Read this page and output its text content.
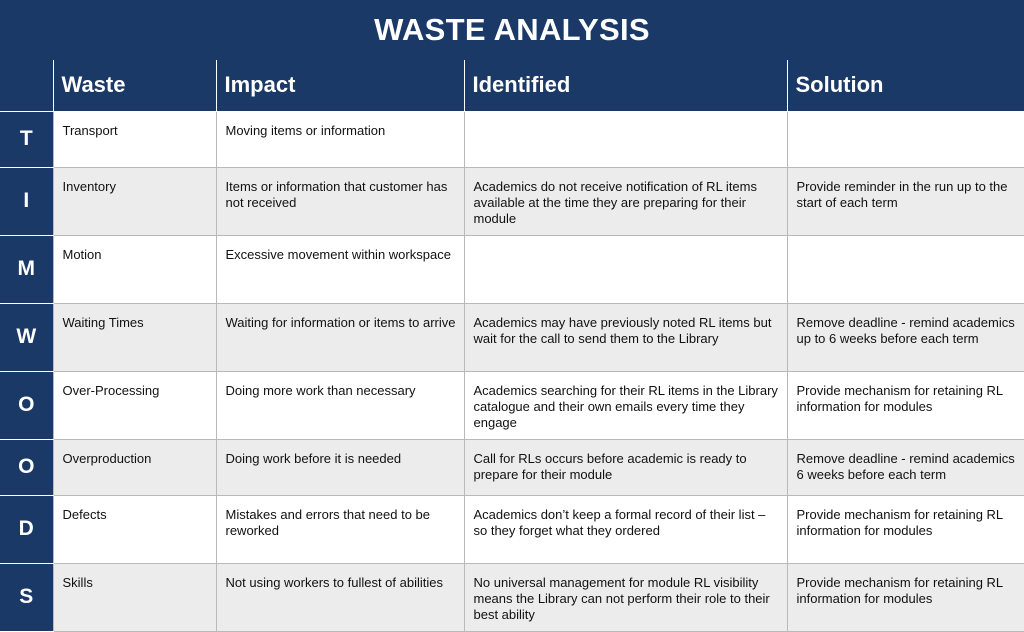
WASTE ANALYSIS
	Waste	Impact	Identified	Solution
T	Transport	Moving items or information		
I	Inventory	Items or information that customer has not received	Academics do not receive notification of RL items available at the time they are preparing for their module	Provide reminder in the run up to the start of each term
M	Motion	Excessive movement within workspace		
W	Waiting Times	Waiting for information or items to arrive	Academics may have previously noted RL items but wait for the call to send them to the Library	Remove deadline - remind academics up to 6 weeks before each term
O	Over-Processing	Doing more work than necessary	Academics searching for their RL items in the Library catalogue and their own emails every time they engage	Provide mechanism for retaining RL information for modules
O	Overproduction	Doing work before it is needed	Call for RLs occurs before academic is ready to prepare for their module	Remove deadline - remind academics 6 weeks before each term
D	Defects	Mistakes and errors that need to be reworked	Academics don’t keep a formal record of their list – so they forget what they ordered	Provide mechanism for retaining RL information for modules
S	Skills	Not using workers to fullest of abilities	No universal management for module RL visibility means the Library can not perform their role to their best ability	Provide mechanism for retaining RL information for modules
